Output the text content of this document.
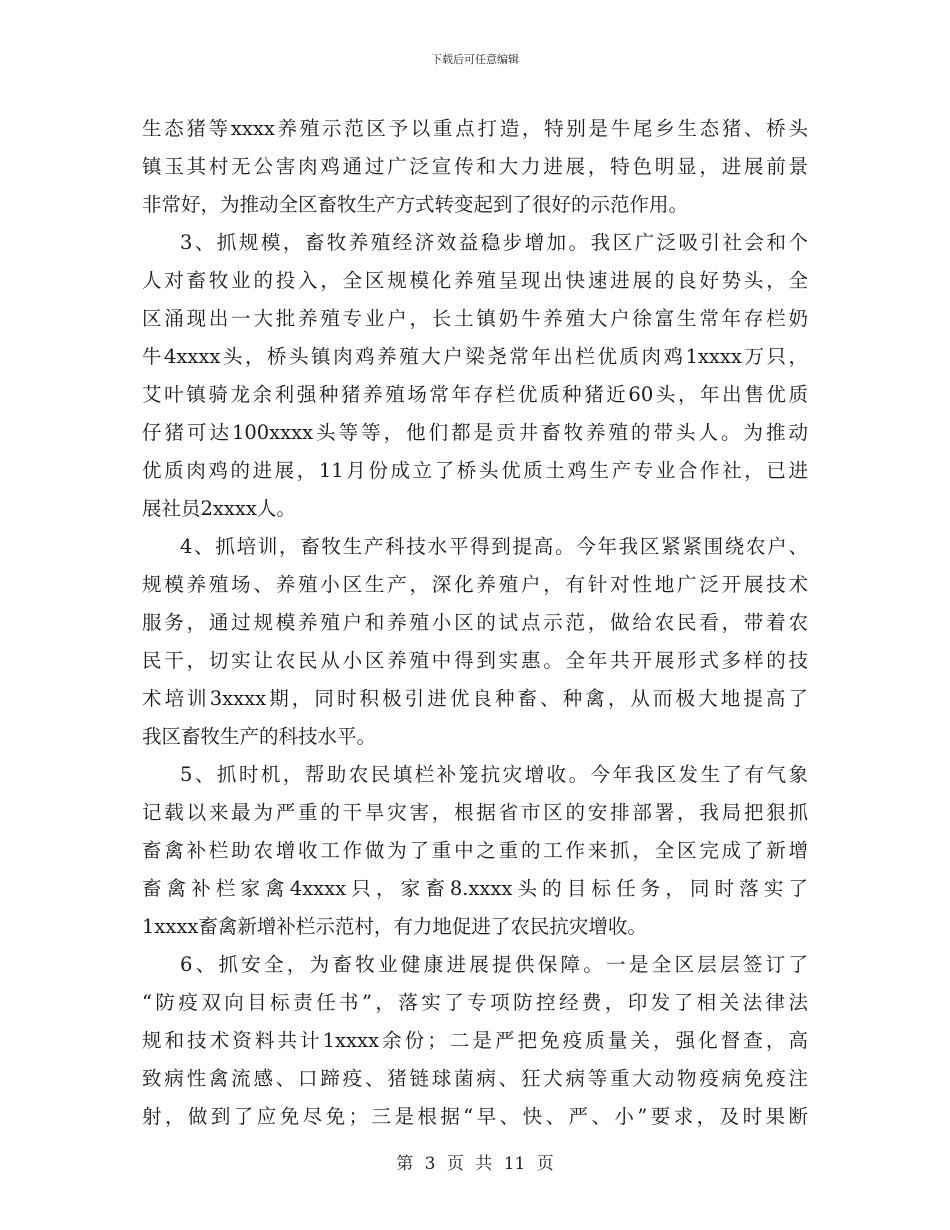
下载后可任意编辑
生态猪等xxxx养殖示范区予以重点打造，特别是牛尾乡生态猪、桥头
镇玉其村无公害肉鸡通过广泛宣传和大力进展，特色明显，进展前景
非常好，为推动全区畜牧生产方式转变起到了很好的示范作用。
3、抓规模，畜牧养殖经济效益稳步增加。我区广泛吸引社会和个
人对畜牧业的投入，全区规模化养殖呈现出快速进展的良好势头，全
区涌现出一大批养殖专业户，长土镇奶牛养殖大户徐富生常年存栏奶
牛4xxxx头，桥头镇肉鸡养殖大户梁尧常年出栏优质肉鸡1xxxx万只，
艾叶镇骑龙余利强种猪养殖场常年存栏优质种猪近60头，年出售优质
仔猪可达100xxxx头等等，他们都是贡井畜牧养殖的带头人。为推动
优质肉鸡的进展，11月份成立了桥头优质土鸡生产专业合作社，已进
展社员2xxxx人。
4、抓培训，畜牧生产科技水平得到提高。今年我区紧紧围绕农户、
规模养殖场、养殖小区生产，深化养殖户，有针对性地广泛开展技术
服务，通过规模养殖户和养殖小区的试点示范，做给农民看，带着农
民干，切实让农民从小区养殖中得到实惠。全年共开展形式多样的技
术培训3xxxx期，同时积极引进优良种畜、种禽，从而极大地提高了
我区畜牧生产的科技水平。
5、抓时机，帮助农民填栏补笼抗灾增收。今年我区发生了有气象
记载以来最为严重的干旱灾害，根据省市区的安排部署，我局把狠抓
畜禽补栏助农增收工作做为了重中之重的工作来抓，全区完成了新增
畜禽补栏家禽4xxxx只，家畜8.xxxx头的目标任务，同时落实了
1xxxx畜禽新增补栏示范村，有力地促进了农民抗灾增收。
6、抓安全，为畜牧业健康进展提供保障。一是全区层层签订了
“防疫双向目标责任书”，落实了专项防控经费，印发了相关法律法
规和技术资料共计1xxxx余份；二是严把免疫质量关，强化督查，高
致病性禽流感、口蹄疫、猪链球菌病、狂犬病等重大动物疫病免疫注
射，做到了应免尽免；三是根据“早、快、严、小”要求，及时果断
第 3 页 共 11 页
